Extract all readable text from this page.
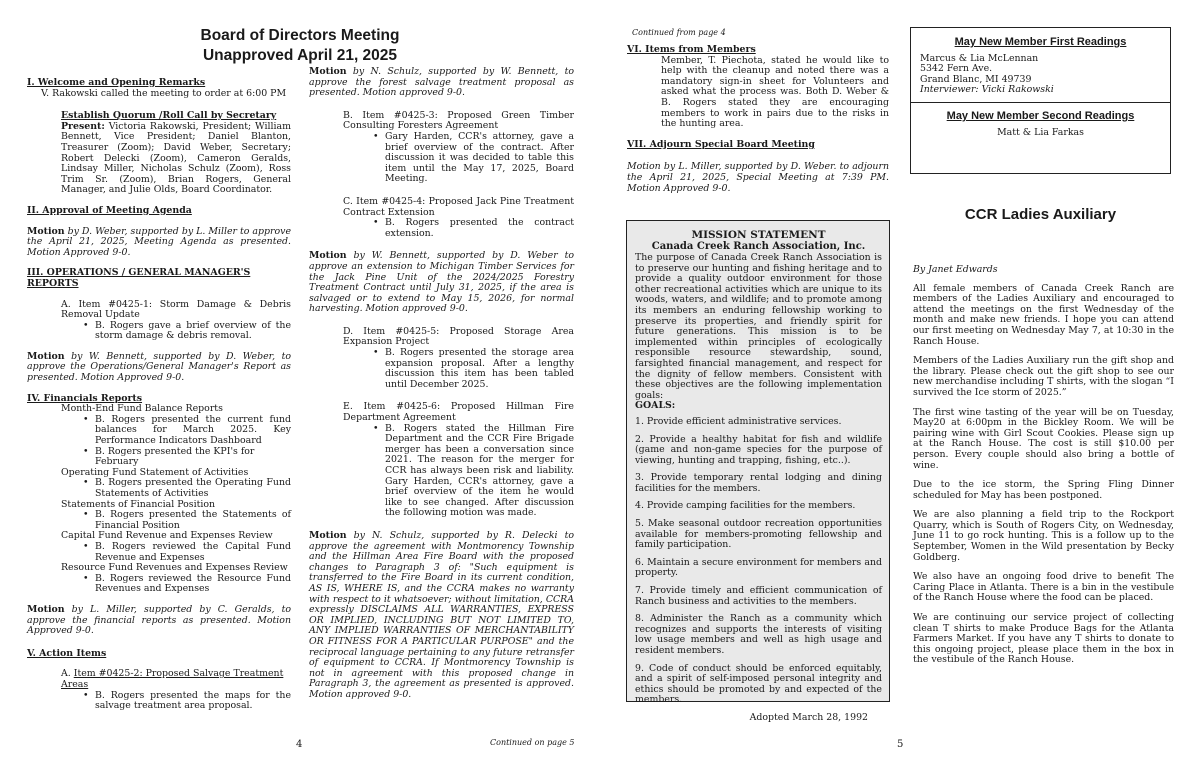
Board of Directors Meeting
Unapproved April 21, 2025
I. Welcome and Opening Remarks
V. Rakowski called the meeting to order at 6:00 PM
Establish Quorum /Roll Call by Secretary
Present: Victoria Rakowski, President; William Bennett, Vice President; Daniel Blanton, Treasurer (Zoom); David Weber, Secretary; Robert Delecki (Zoom), Cameron Geralds, Lindsay Miller, Nicholas Schulz (Zoom), Ross Trim Sr. (Zoom), Brian Rogers, General Manager, and Julie Olds, Board Coordinator.
II. Approval of Meeting Agenda
Motion by D. Weber, supported by L. Miller to approve the April 21, 2025, Meeting Agenda as presented. Motion Approved 9-0.
III. OPERATIONS / GENERAL MANAGER'S REPORTS
A. Item #0425-1: Storm Damage & Debris Removal Update
• B. Rogers gave a brief overview of the storm damage & debris removal.
Motion by W. Bennett, supported by D. Weber, to approve the Operations/General Manager's Report as presented. Motion Approved 9-0.
IV. Financials Reports
Month-End Fund Balance Reports
• B. Rogers presented the current fund balances for March 2025. Key Performance Indicators Dashboard
• B. Rogers presented the KPI's for February
Operating Fund Statement of Activities
• B. Rogers presented the Operating Fund Statements of Activities
Statements of Financial Position
• B. Rogers presented the Statements of Financial Position
Capital Fund Revenue and Expenses Review
• B. Rogers reviewed the Capital Fund Revenue and Expenses
Resource Fund Revenues and Expenses Review
• B. Rogers reviewed the Resource Fund Revenues and Expenses
Motion by L. Miller, supported by C. Geralds, to approve the financial reports as presented. Motion Approved 9-0.
V. Action Items
A. Item #0425-2: Proposed Salvage Treatment Areas
• B. Rogers presented the maps for the salvage treatment area proposal.
4
Motion by N. Schulz, supported by W. Bennett, to approve the forest salvage treatment proposal as presented. Motion approved 9-0.
B. Item #0425-3: Proposed Green Timber Consulting Foresters Agreement
• Gary Harden, CCR's attorney, gave a brief overview of the contract. After discussion it was decided to table this item until the May 17, 2025, Board Meeting.
C. Item #0425-4: Proposed Jack Pine Treatment Contract Extension
• B. Rogers presented the contract extension.
Motion by W. Bennett, supported by D. Weber to approve an extension to Michigan Timber Services for the Jack Pine Unit of the 2024/2025 Forestry Treatment Contract until July 31, 2025, if the area is salvaged or to extend to May 15, 2026, for normal harvesting. Motion approved 9-0.
D. Item #0425-5: Proposed Storage Area Expansion Project
• B. Rogers presented the storage area expansion proposal. After a lengthy discussion this item has been tabled until December 2025.
E. Item #0425-6: Proposed Hillman Fire Department Agreement
• B. Rogers stated the Hillman Fire Department and the CCR Fire Brigade merger has been a conversation since 2021. The reason for the merger for CCR has always been risk and liability. Gary Harden, CCR's attorney, gave a brief overview of the item he would like to see changed. After discussion the following motion was made.
Motion by N. Schulz, supported by R. Delecki to approve the agreement with Montmorency Township and the Hillman Area Fire Board with the proposed changes to Paragraph 3 of: "Such equipment is transferred to the Fire Board in its current condition, AS IS, WHERE IS, and the CCRA makes no warranty with respect to it whatsoever; without limitation, CCRA expressly DISCLAIMS ALL WARRANTIES, EXPRESS OR IMPLIED, INCLUDING BUT NOT LIMITED TO, ANY IMPLIED WARRANTIES OF MERCHANTABILITY OR FITNESS FOR A PARTICULAR PURPOSE" and the reciprocal language pertaining to any future retransfer of equipment to CCRA. If Montmorency Township is not in agreement with this proposed change in Paragraph 3, the agreement as presented is approved. Motion approved 9-0.
Continued on page 5
Continued from page 4
VI. Items from Members
Member, T. Piechota, stated he would like to help with the cleanup and noted there was a mandatory sign-in sheet for Volunteers and asked what the process was. Both D. Weber & B. Rogers stated they are encouraging members to work in pairs due to the risks in the hunting area.
VII. Adjourn Special Board Meeting
Motion by L. Miller, supported by D. Weber. to adjourn the April 21, 2025, Special Meeting at 7:39 PM. Motion Approved 9-0.
MISSION STATEMENT
Canada Creek Ranch Association, Inc.
The purpose of Canada Creek Ranch Association is to preserve our hunting and fishing heritage and to provide a quality outdoor environment for those other recreational activities which are unique to its woods, waters, and wildlife; and to promote among its members an enduring fellowship working to preserve its properties, and friendly spirit for future generations. This mission is to be implemented within principles of ecologically responsible resource stewardship, sound, farsighted financial management, and respect for the dignity of fellow members. Consistent with these objectives are the following implementation goals:
GOALS:
1. Provide efficient administrative services.
2. Provide a healthy habitat for fish and wildlife (game and non-game species for the purpose of viewing, hunting and trapping, fishing, etc..).
3. Provide temporary rental lodging and dining facilities for the members.
4. Provide camping facilities for the members.
5. Make seasonal outdoor recreation opportunities available for members-promoting fellowship and family participation.
6. Maintain a secure environment for members and property.
7. Provide timely and efficient communication of Ranch business and activities to the members.
8. Administer the Ranch as a community which recognizes and supports the interests of visiting low usage members and well as high usage and resident members.
9. Code of conduct should be enforced equitably, and a spirit of self-imposed personal integrity and ethics should be promoted by and expected of the members.
Adopted March 28, 1992
May New Member First Readings
Marcus & Lia McLennan
5342 Fern Ave.
Grand Blanc, MI 49739
Interviewer: Vicki Rakowski
May New Member Second Readings
Matt & Lia Farkas
CCR Ladies Auxiliary
By Janet Edwards
All female members of Canada Creek Ranch are members of the Ladies Auxiliary and encouraged to attend the meetings on the first Wednesday of the month and make new friends. I hope you can attend our first meeting on Wednesday May 7, at 10:30 in the Ranch House.
Members of the Ladies Auxiliary run the gift shop and the library. Please check out the gift shop to see our new merchandise including T shirts, with the slogan “I survived the Ice storm of 2025.”
The first wine tasting of the year will be on Tuesday, May20 at 6:00pm in the Bickley Room. We will be pairing wine with Girl Scout Cookies. Please sign up at the Ranch House. The cost is still $10.00 per person. Every couple should also bring a bottle of wine.
Due to the ice storm, the Spring Fling Dinner scheduled for May has been postponed.
We are also planning a field trip to the Rockport Quarry, which is South of Rogers City, on Wednesday, June 11 to go rock hunting. This is a follow up to the September, Women in the Wild presentation by Becky Goldberg.
We also have an ongoing food drive to benefit The Caring Place in Atlanta. There is a bin in the vestibule of the Ranch House where the food can be placed.
We are continuing our service project of collecting clean T shirts to make Produce Bags for the Atlanta Farmers Market. If you have any T shirts to donate to this ongoing project, please place them in the box in the vestibule of the Ranch House.
5
